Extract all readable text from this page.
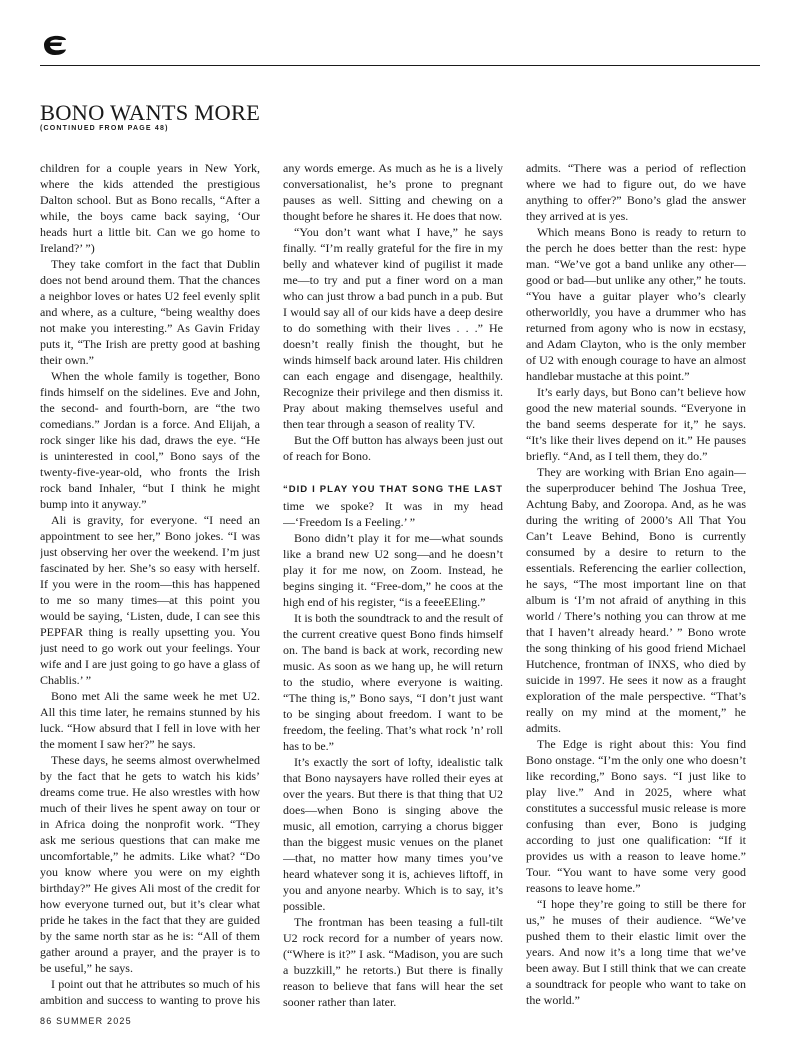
BONO WANTS MORE
(CONTINUED FROM PAGE 48)

children for a couple years in New York, where the kids attended the prestigious Dalton school. But as Bono recalls, “After a while, the boys came back saying, ‘Our heads hurt a little bit. Can we go home to Ireland?’ ”)

They take comfort in the fact that Dublin does not bend around them. That the chances a neighbor loves or hates U2 feel evenly split and where, as a culture, “being wealthy does not make you interesting.” As Gavin Friday puts it, “The Irish are pretty good at bashing their own.”

When the whole family is together, Bono finds himself on the sidelines. Eve and John, the second- and fourth-born, are “the two comedians.” Jordan is a force. And Elijah, a rock singer like his dad, draws the eye. “He is uninterested in cool,” Bono says of the twenty-five-year-old, who fronts the Irish rock band Inhaler, “but I think he might bump into it anyway.”

Ali is gravity, for everyone. “I need an appointment to see her,” Bono jokes. “I was just observing her over the weekend. I’m just fascinated by her. She’s so easy with herself. If you were in the room—this has happened to me so many times—at this point you would be saying, ‘Listen, dude, I can see this PEPFAR thing is really upsetting you. You just need to go work out your feelings. Your wife and I are just going to go have a glass of Chablis.’ ”

Bono met Ali the same week he met U2. All this time later, he remains stunned by his luck. “How absurd that I fell in love with her the moment I saw her?” he says.

These days, he seems almost overwhelmed by the fact that he gets to watch his kids’ dreams come true. He also wrestles with how much of their lives he spent away on tour or in Africa doing the nonprofit work. “They ask me serious questions that can make me uncomfortable,” he admits. Like what? “Do you know where you were on my eighth birthday?” He gives Ali most of the credit for how everyone turned out, but it’s clear what pride he takes in the fact that they are guided by the same north star as he is: “All of them gather around a prayer, and the prayer is to be useful,” he says.

I point out that he attributes so much of his ambition and success to wanting to prove his

any words emerge. As much as he is a lively conversationalist, he’s prone to pregnant pauses as well. Sitting and chewing on a thought before he shares it. He does that now.

“You don’t want what I have,” he says finally. “I’m really grateful for the fire in my belly and whatever kind of pugilist it made me—to try and put a finer word on a man who can just throw a bad punch in a pub. But I would say all of our kids have a deep desire to do something with their lives . . .” He doesn’t really finish the thought, but he winds himself back around later. His children can each engage and disengage, healthily. Recognize their privilege and then dismiss it. Pray about making themselves useful and then tear through a season of reality TV.

But the Off button has always been just out of reach for Bono.

“DID I PLAY YOU THAT SONG THE LAST time we spoke? It was in my head—‘Freedom Is a Feeling.’ ”

Bono didn’t play it for me—what sounds like a brand new U2 song—and he doesn’t play it for me now, on Zoom. Instead, he begins singing it. “Free-dom,” he coos at the high end of his register, “is a feeeEEling.”

It is both the soundtrack to and the result of the current creative quest Bono finds himself on. The band is back at work, recording new music. As soon as we hang up, he will return to the studio, where everyone is waiting. “The thing is,” Bono says, “I don’t just want to be singing about freedom. I want to be freedom, the feeling. That’s what rock ’n’ roll has to be.”

It’s exactly the sort of lofty, idealistic talk that Bono naysayers have rolled their eyes at over the years. But there is that thing that U2 does—when Bono is singing above the music, all emotion, carrying a chorus bigger than the biggest music venues on the planet—that, no matter how many times you’ve heard whatever song it is, achieves liftoff, in you and anyone nearby. Which is to say, it’s possible.

The frontman has been teasing a full-tilt U2 rock record for a number of years now. (“Where is it?” I ask. “Madison, you are such a buzzkill,” he retorts.) But there is finally reason to believe that fans will hear the set sooner rather than later.

admits. “There was a period of reflection where we had to figure out, do we have anything to offer?” Bono’s glad the answer they arrived at is yes.

Which means Bono is ready to return to the perch he does better than the rest: hype man. “We’ve got a band unlike any other—good or bad—but unlike any other,” he touts. “You have a guitar player who’s clearly otherworldly, you have a drummer who has returned from agony who is now in ecstasy, and Adam Clayton, who is the only member of U2 with enough courage to have an almost handlebar mustache at this point.”

It’s early days, but Bono can’t believe how good the new material sounds. “Everyone in the band seems desperate for it,” he says. “It’s like their lives depend on it.” He pauses briefly. “And, as I tell them, they do.”

They are working with Brian Eno again—the superproducer behind The Joshua Tree, Achtung Baby, and Zooropa. And, as he was during the writing of 2000’s All That You Can’t Leave Behind, Bono is currently consumed by a desire to return to the essentials. Referencing the earlier collection, he says, “The most important line on that album is ‘I’m not afraid of anything in this world / There’s nothing you can throw at me that I haven’t already heard.’ ” Bono wrote the song thinking of his good friend Michael Hutchence, frontman of INXS, who died by suicide in 1997. He sees it now as a fraught exploration of the male perspective. “That’s really on my mind at the moment,” he admits.

The Edge is right about this: You find Bono onstage. “I’m the only one who doesn’t like recording,” Bono says. “I just like to play live.” And in 2025, where what constitutes a successful music release is more confusing than ever, Bono is judging according to just one qualification: “If it provides us with a reason to leave home.” Tour. “You want to have some very good reasons to leave home.”

“I hope they’re going to still be there for us,” he muses of their audience. “We’ve pushed them to their elastic limit over the years. And now it’s a long time that we’ve been away. But I still think that we can create a soundtrack for people who want to take on the world.”

86 SUMMER 2025
